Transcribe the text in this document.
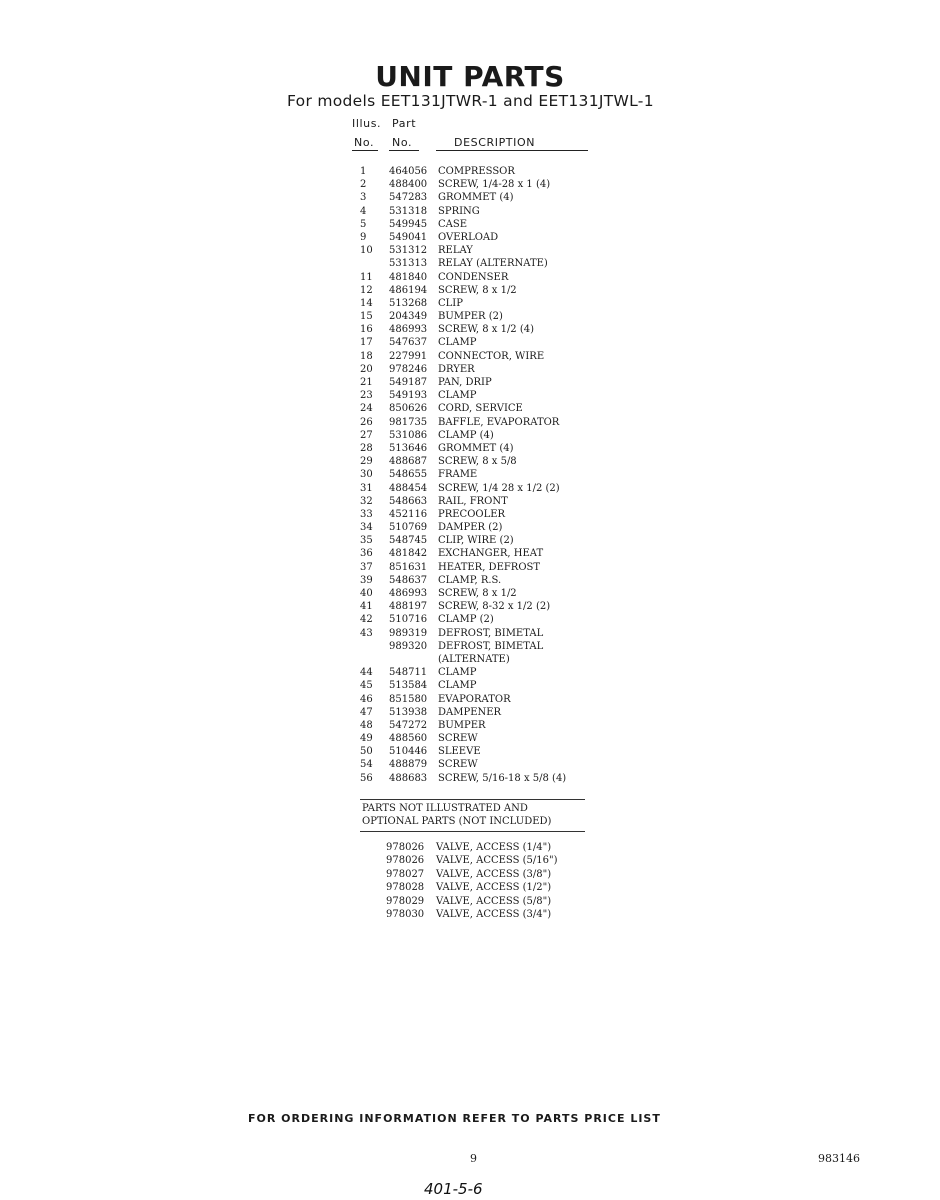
UNIT PARTS
For models EET131JTWR-1 and EET131JTWL-1
Illus. Part
No. No.	DESCRIPTION
1	464056	COMPRESSOR
2	488400	SCREW, 1/4-28 x 1 (4)
3	547283	GROMMET (4)
4	531318	SPRING
5	549945	CASE
9	549041	OVERLOAD
10	531312	RELAY
531313	RELAY (ALTERNATE)
11	481840	CONDENSER
12	486194	SCREW, 8 x 1/2
14	513268	CLIP
15	204349	BUMPER (2)
16	486993	SCREW, 8 x 1/2 (4)
17	547637	CLAMP
18	227991	CONNECTOR, WIRE
20	978246	DRYER
21	549187	PAN, DRIP
23	549193	CLAMP
24	850626	CORD, SERVICE
26	981735	BAFFLE, EVAPORATOR
27	531086	CLAMP (4)
28	513646	GROMMET (4)
29	488687	SCREW, 8 x 5/8
30	548655	FRAME
31	488454	SCREW, 1/4 28 x 1/2 (2)
32	548663	RAIL, FRONT
33	452116	PRECOOLER
34	510769	DAMPER (2)
35	548745	CLIP, WIRE (2)
36	481842	EXCHANGER, HEAT
37	851631	HEATER, DEFROST
39	548637	CLAMP, R.S.
40	486993	SCREW, 8 x 1/2
41	488197	SCREW, 8-32 x 1/2 (2)
42	510716	CLAMP (2)
43	989319	DEFROST, BIMETAL
989320	DEFROST, BIMETAL
(ALTERNATE)
44	548711	CLAMP
45	513584	CLAMP
46	851580	EVAPORATOR
47	513938	DAMPENER
48	547272	BUMPER
49	488560	SCREW
50	510446	SLEEVE
54	488879	SCREW
56	488683	SCREW, 5/16-18 x 5/8 (4)
PARTS NOT ILLUSTRATED AND
OPTIONAL PARTS (NOT INCLUDED)
978026	VALVE, ACCESS (1/4")
978026	VALVE, ACCESS (5/16")
978027	VALVE, ACCESS (3/8")
978028	VALVE, ACCESS (1/2")
978029	VALVE, ACCESS (5/8")
978030	VALVE, ACCESS (3/4")
FOR ORDERING INFORMATION REFER TO PARTS PRICE LIST
9	983146
401-5-6
